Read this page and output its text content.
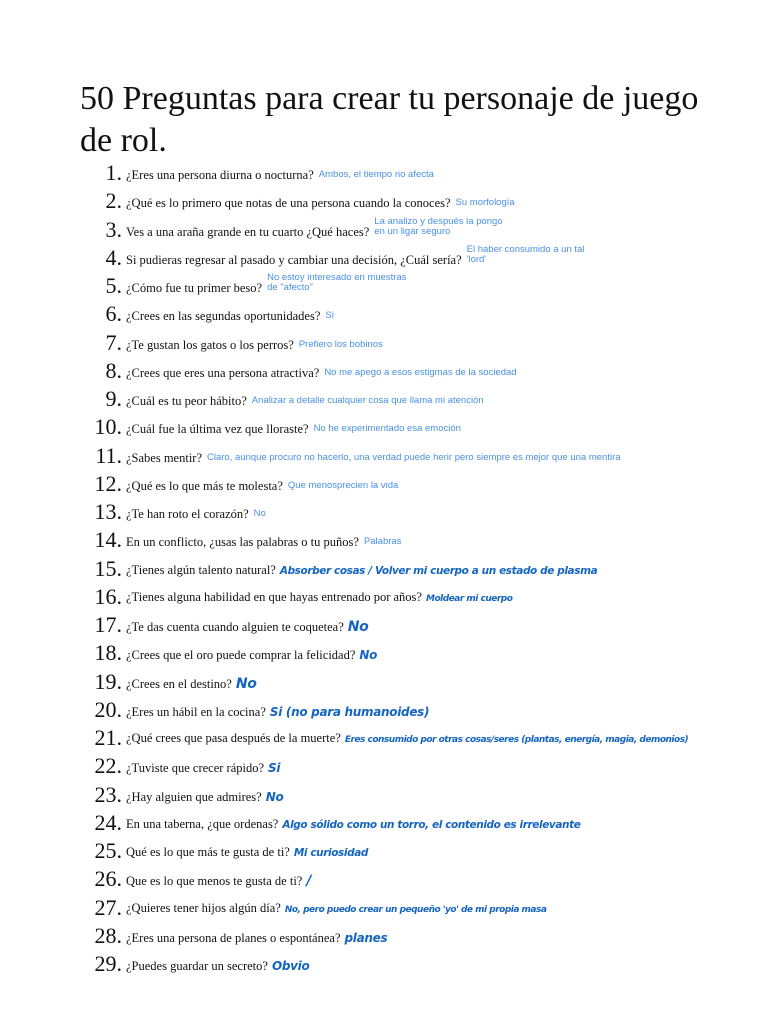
50 Preguntas para crear tu personaje de juego de rol.
1. ¿Eres una persona diurna o nocturna? Ambos, el tiempo no afecta
2. ¿Qué es lo primero que notas de una persona cuando la conoces? Su morfología
3. Ves a una araña grande en tu cuarto ¿Qué haces?La analizo y después la pongo en un ligar seguro
4. Si pudieras regresar al pasado y cambiar una decisión, ¿Cuál sería?El haber consumido a un tal 'lord'
5. ¿Cómo fue tu primer beso?No estoy interesado en muestras de "afecto"
6. ¿Crees en las segundas oportunidades? Si
7. ¿Te gustan los gatos o los perros? Prefiero los bobinos
8. ¿Crees que eres una persona atractiva? No me apego a esos estigmas de la sociedad
9. ¿Cuál es tu peor hábito? Analizar a detalle cualquier cosa que llama mi atención
10. ¿Cuál fue la última vez que lloraste? No he experimentado esa emoción
11. ¿Sabes mentir? Claro, aunque procuro no hacerlo, una verdad puede herir pero siempre es mejor que una mentira
12. ¿Qué es lo que más te molesta? Que menosprecien la vida
13. ¿Te han roto el corazón? No
14. En un conflicto, ¿usas las palabras o tu puños? Palabras
15. ¿Tienes algún talento natural? Absorber cosas / Volver mi cuerpo a un estado de plasma
16. ¿Tienes alguna habilidad en que hayas entrenado por años? Moldear mi cuerpo
17. ¿Te das cuenta cuando alguien te coquetea? No
18. ¿Crees que el oro puede comprar la felicidad? No
19. ¿Crees en el destino? No
20. ¿Eres un hábil en la cocina? Si (no para humanoides)
21. ¿Qué crees que pasa después de la muerte? Eres consumido por otras cosas/seres (plantas, energía, magia, demonios)
22. ¿Tuviste que crecer rápido? Si
23. ¿Hay alguien que admires? No
24. En una taberna, ¿que ordenas? Algo sólido como un torro, el contenido es irrelevante
25. Qué es lo que más te gusta de ti? Mi curiosidad
26. Que es lo que menos te gusta de ti? /
27. ¿Quieres tener hijos algún día? No, pero puedo crear un pequeño 'yo' de mi propia masa
28. ¿Eres una persona de planes o espontánea? planes
29. ¿Puedes guardar un secreto? Obvio
